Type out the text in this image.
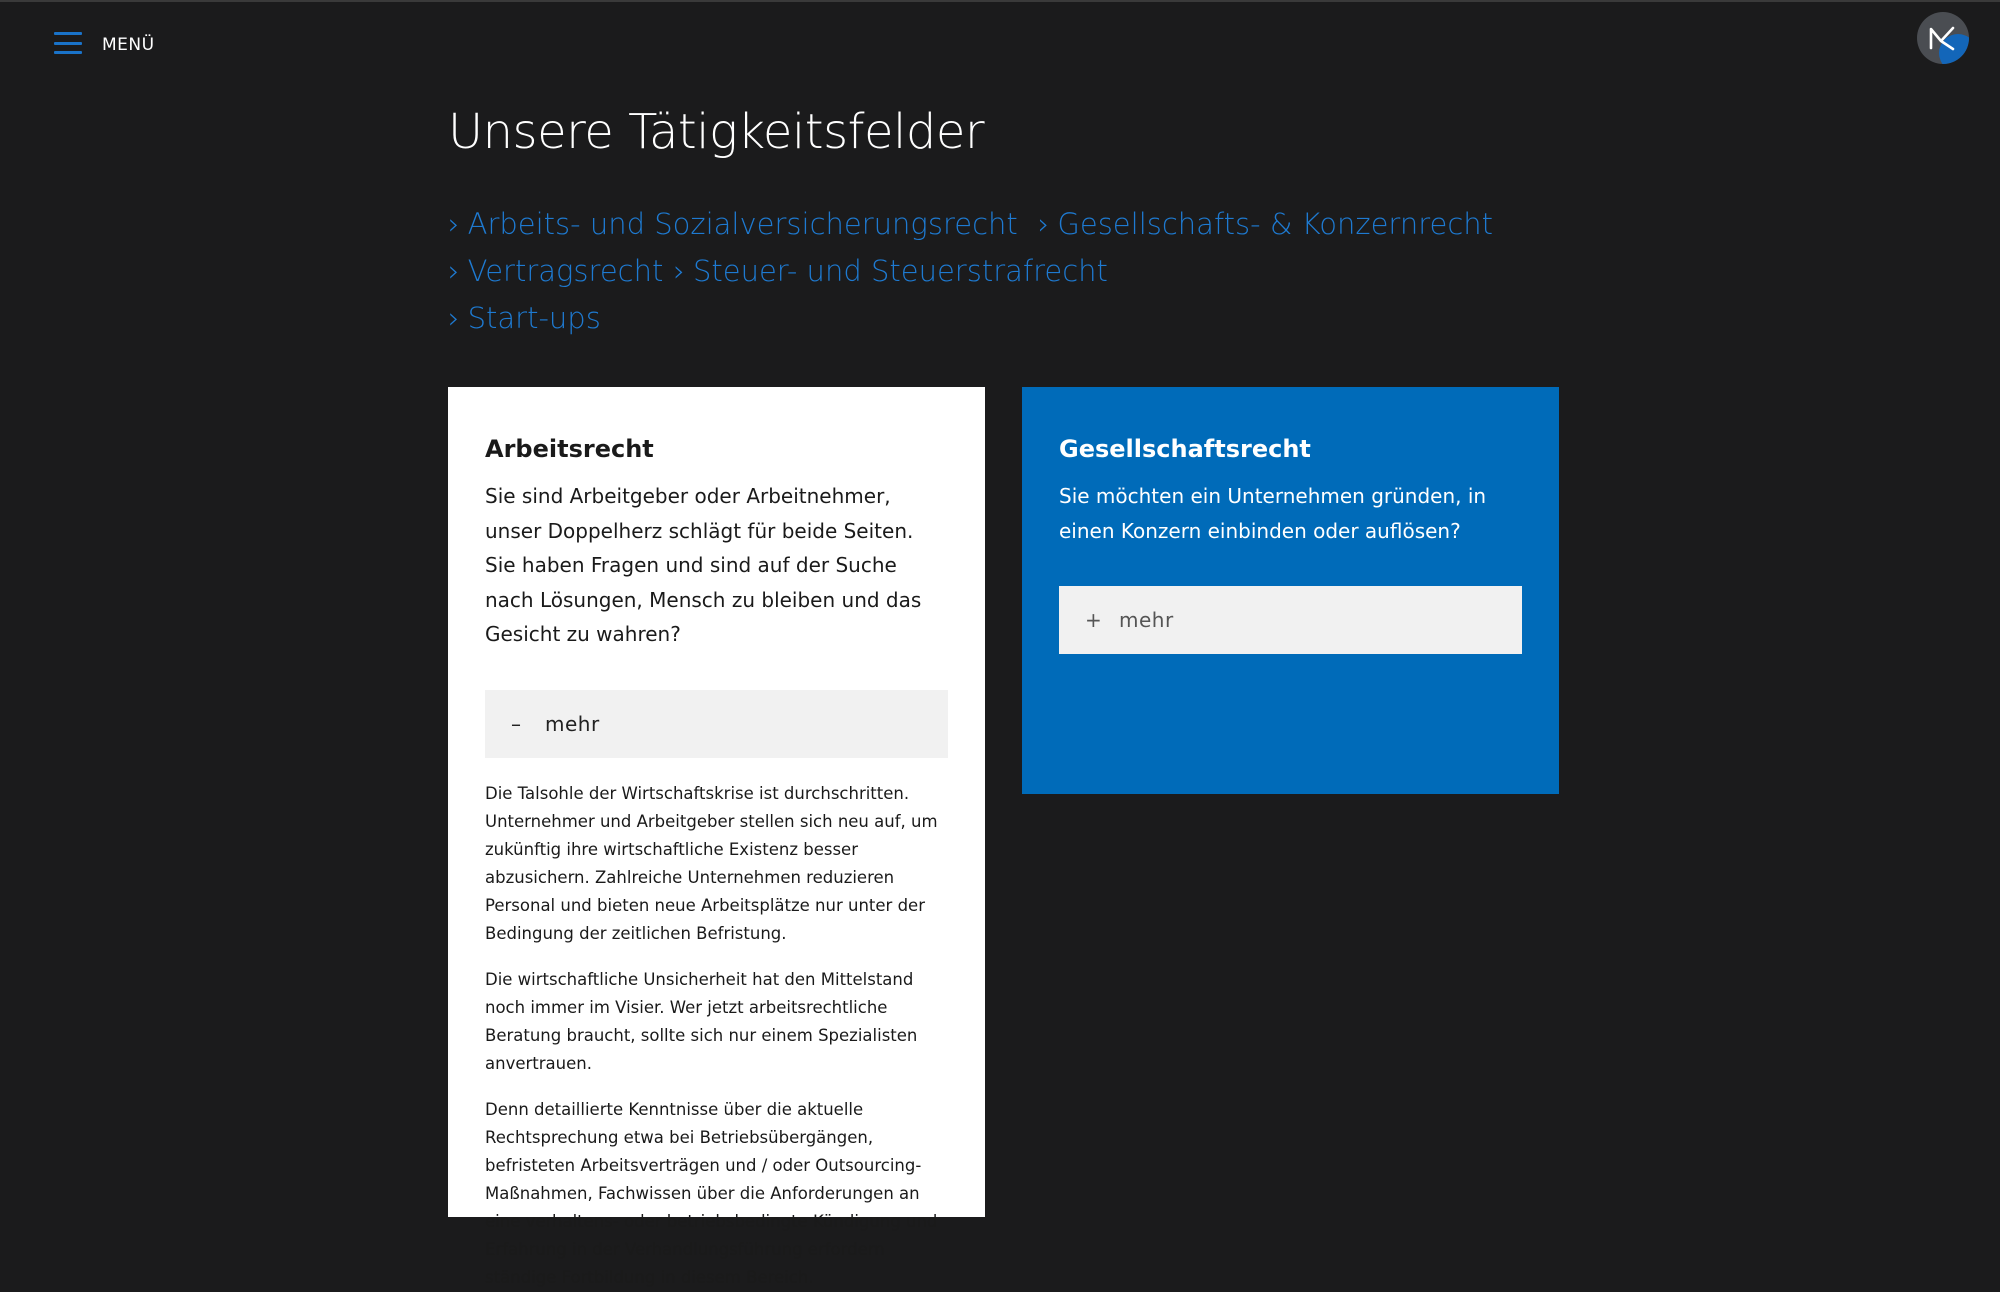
MENÜ
Unsere Tätigkeitsfelder
› Arbeits- und Sozialversicherungsrecht › Gesellschafts- & Konzernrecht
› Vertragsrecht › Steuer- und Steuerstrafrecht
› Start-ups
Arbeitsrecht

Sie sind Arbeitgeber oder Arbeitnehmer, unser Doppelherz schlägt für beide Seiten. Sie haben Fragen und sind auf der Suche nach Lösungen, Mensch zu bleiben und das Gesicht zu wahren?

–	mehr

Die Talsohle der Wirtschaftskrise ist durchschritten. Unternehmer und Arbeitgeber stellen sich neu auf, um zukünftig ihre wirtschaftliche Existenz besser abzusichern. Zahlreiche Unternehmen reduzieren Personal und bieten neue Arbeitsplätze nur unter der Bedingung der zeitlichen Befristung.

Die wirtschaftliche Unsicherheit hat den Mittelstand noch immer im Visier. Wer jetzt arbeitsrechtliche Beratung braucht, sollte sich nur einem Spezialisten anvertrauen.

Denn detaillierte Kenntnisse über die aktuelle Rechtsprechung etwa bei Betriebsübergängen, befristeten Arbeitsverträgen und / oder Outsourcing-Maßnahmen, Fachwissen über die Anforderungen an eine verhaltens- oder betriebsbedingte Kündigung und Erfahrung in der Verhandlungsführung erfordern ständige Fortbildung in diesem Bereich.

Gesellschaftsrecht

Sie möchten ein Unternehmen gründen, in einen Konzern einbinden oder auflösen?

+ mehr
